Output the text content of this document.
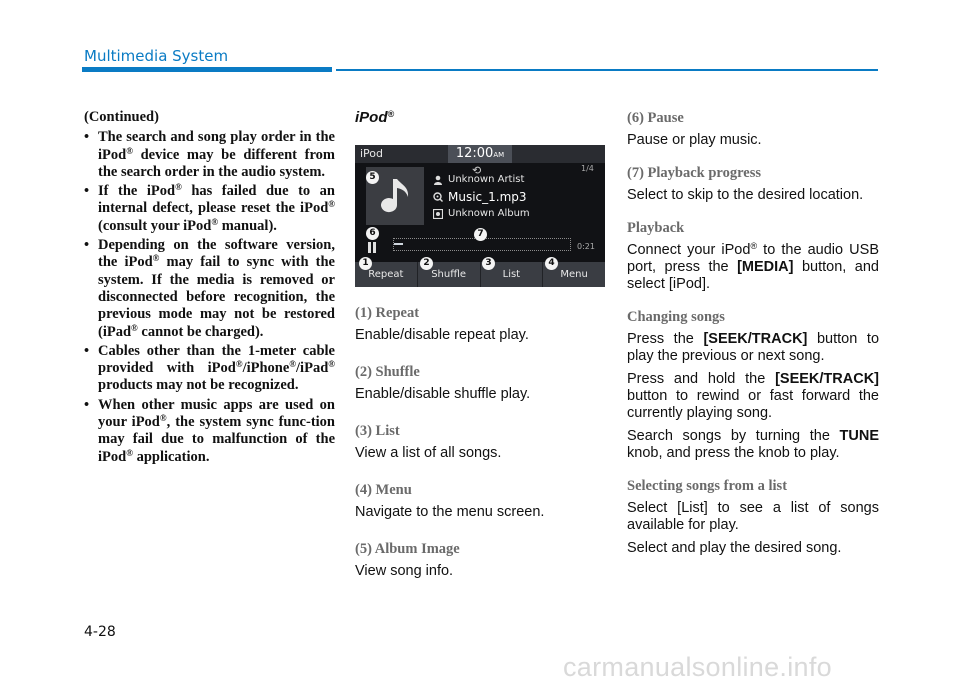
Multimedia System
(Continued)
• The search and song play order in the iPod® device may be different from the search order in the audio system.
• If the iPod® has failed due to an internal defect, please reset the iPod® (consult your iPod® manual).
• Depending on the software version, the iPod® may fail to sync with the system. If the media is removed or disconnected before recognition, the previous mode may not be restored (iPad® cannot be charged).
• Cables other than the 1-meter cable provided with iPod®/iPhone®/iPad® products may not be recognized.
• When other music apps are used on your iPod®, the system sync func-tion may fail due to malfunction of the iPod® application.
iPod®
iPod	12:00AM
⟲	1/4
Unknown Artist
Music_1.mp3
Unknown Album
0:21
Repeat	Shuffle	List	Menu
1	2	3	4
5
6	7
(1) Repeat
Enable/disable repeat play.
(2) Shuffle
Enable/disable shuffle play.
(3) List
View a list of all songs.
(4) Menu
Navigate to the menu screen.
(5) Album Image
View song info.
(6) Pause

Pause or play music.

(7) Playback progress

Select to skip to the desired location.

Playback

Connect your iPod® to the audio USB port, press the [MEDIA] button, and select [iPod].

Changing songs

Press the [SEEK/TRACK] button to play the previous or next song.

Press and hold the [SEEK/TRACK] button to rewind or fast forward the currently playing song.

Search songs by turning the TUNE knob, and press the knob to play.

Selecting songs from a list

Select [List] to see a list of songs available for play.

Select and play the desired song.

4-28
carmanualsonline.info
